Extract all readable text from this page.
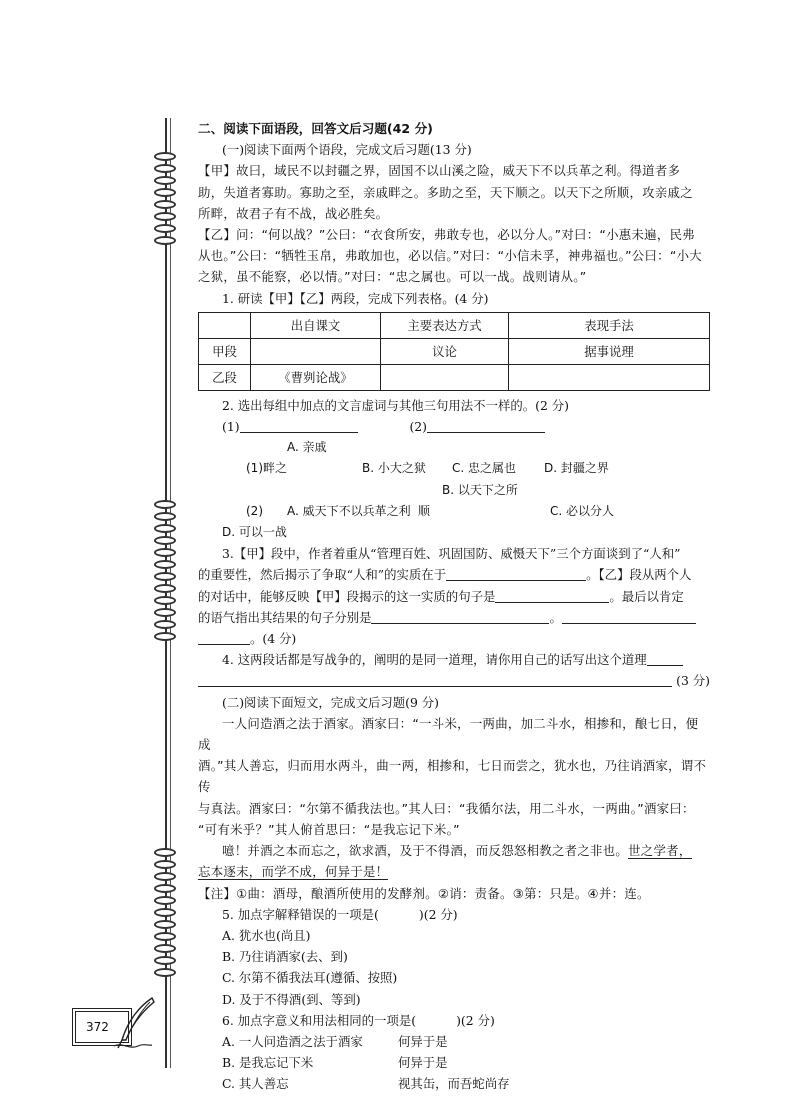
二、阅读下面语段，回答文后习题(42 分)

(一)阅读下面两个语段，完成文后习题(13 分)

【甲】故曰，域民不以封疆之界，固国不以山溪之险，威天下不以兵革之利。得道者多

助，失道者寡助。寡助之至，亲戚畔之。多助之至，天下顺之。以天下之所顺，攻亲戚之

所畔，故君子有不战，战必胜矣。

【乙】问：“何以战？”公曰：“衣食所安，弗敢专也，必以分人。”对曰：“小惠未遍，民弗

从也。”公曰：“牺牲玉帛，弗敢加也，必以信。”对曰：“小信未孚，神弗福也。”公曰：“小大

之狱，虽不能察，必以情。”对曰：“忠之属也。可以一战。战则请从。”

1. 研读【甲】【乙】两段，完成下列表格。(4 分)

	出自课文	主要表达方式	表现手法
甲段		议论	据事说理
乙段	《曹刿论战》		

2. 选出每组中加点的文言虚词与其他三句用法不一样的。(2 分)

(1)	(2)

(1)A. 亲戚畔之	B. 小大之狱 C. 忠之属也 D. 封疆之界

(2) A. 威天下不以兵革之利B. 以天下之所顺	C. 必以分人D. 可以一战

3.【甲】段中，作者着重从“管理百姓、巩固国防、威慑天下”三个方面谈到了“人和”

的重要性，然后揭示了争取“人和”的实质在于	。【乙】段从两个人

的对话中，能够反映【甲】段揭示的这一实质的句子是	。最后以肯定

的语气指出其结果的句子分别是	。

。(4 分)

4. 这两段话都是写战争的，阐明的是同一道理，请你用自己的话写出这个道理

(3 分)

(二)阅读下面短文，完成文后习题(9 分)

一人问造酒之法于酒家。酒家曰：“一斗米，一两曲，加二斗水，相掺和，酿七日，便成

酒。”其人善忘，归而用水两斗，曲一两，相掺和，七日而尝之，犹水也，乃往诮酒家，谓不传

与真法。酒家曰：“尔第不循我法也。”其人曰：“我循尔法，用二斗水，一两曲。”酒家曰：

“可有米乎？”其人俯首思曰：“是我忘记下米。”

噫！并酒之本而忘之，欲求酒，及于不得酒，而反怨怒相教之者之非也。世之学者，

忘本逐末，而学不成，何异于是！

【注】①曲：酒母，酿酒所使用的发酵剂。②诮：责备。③第：只是。④并：连。

5. 加点字解释错误的一项是(	)(2 分)

A. 犹水也(尚且)

B. 乃往诮酒家(去、到)

C. 尔第不循我法耳(遵循、按照)

D. 及于不得酒(到、等到)

6. 加点字意义和用法相同的一项是(	)(2 分)

A. 一人问造酒之法于酒家	何异于是
B. 是我忘记下米	何异于是
C. 其人善忘	视其缶，而吾蛇尚存
372
